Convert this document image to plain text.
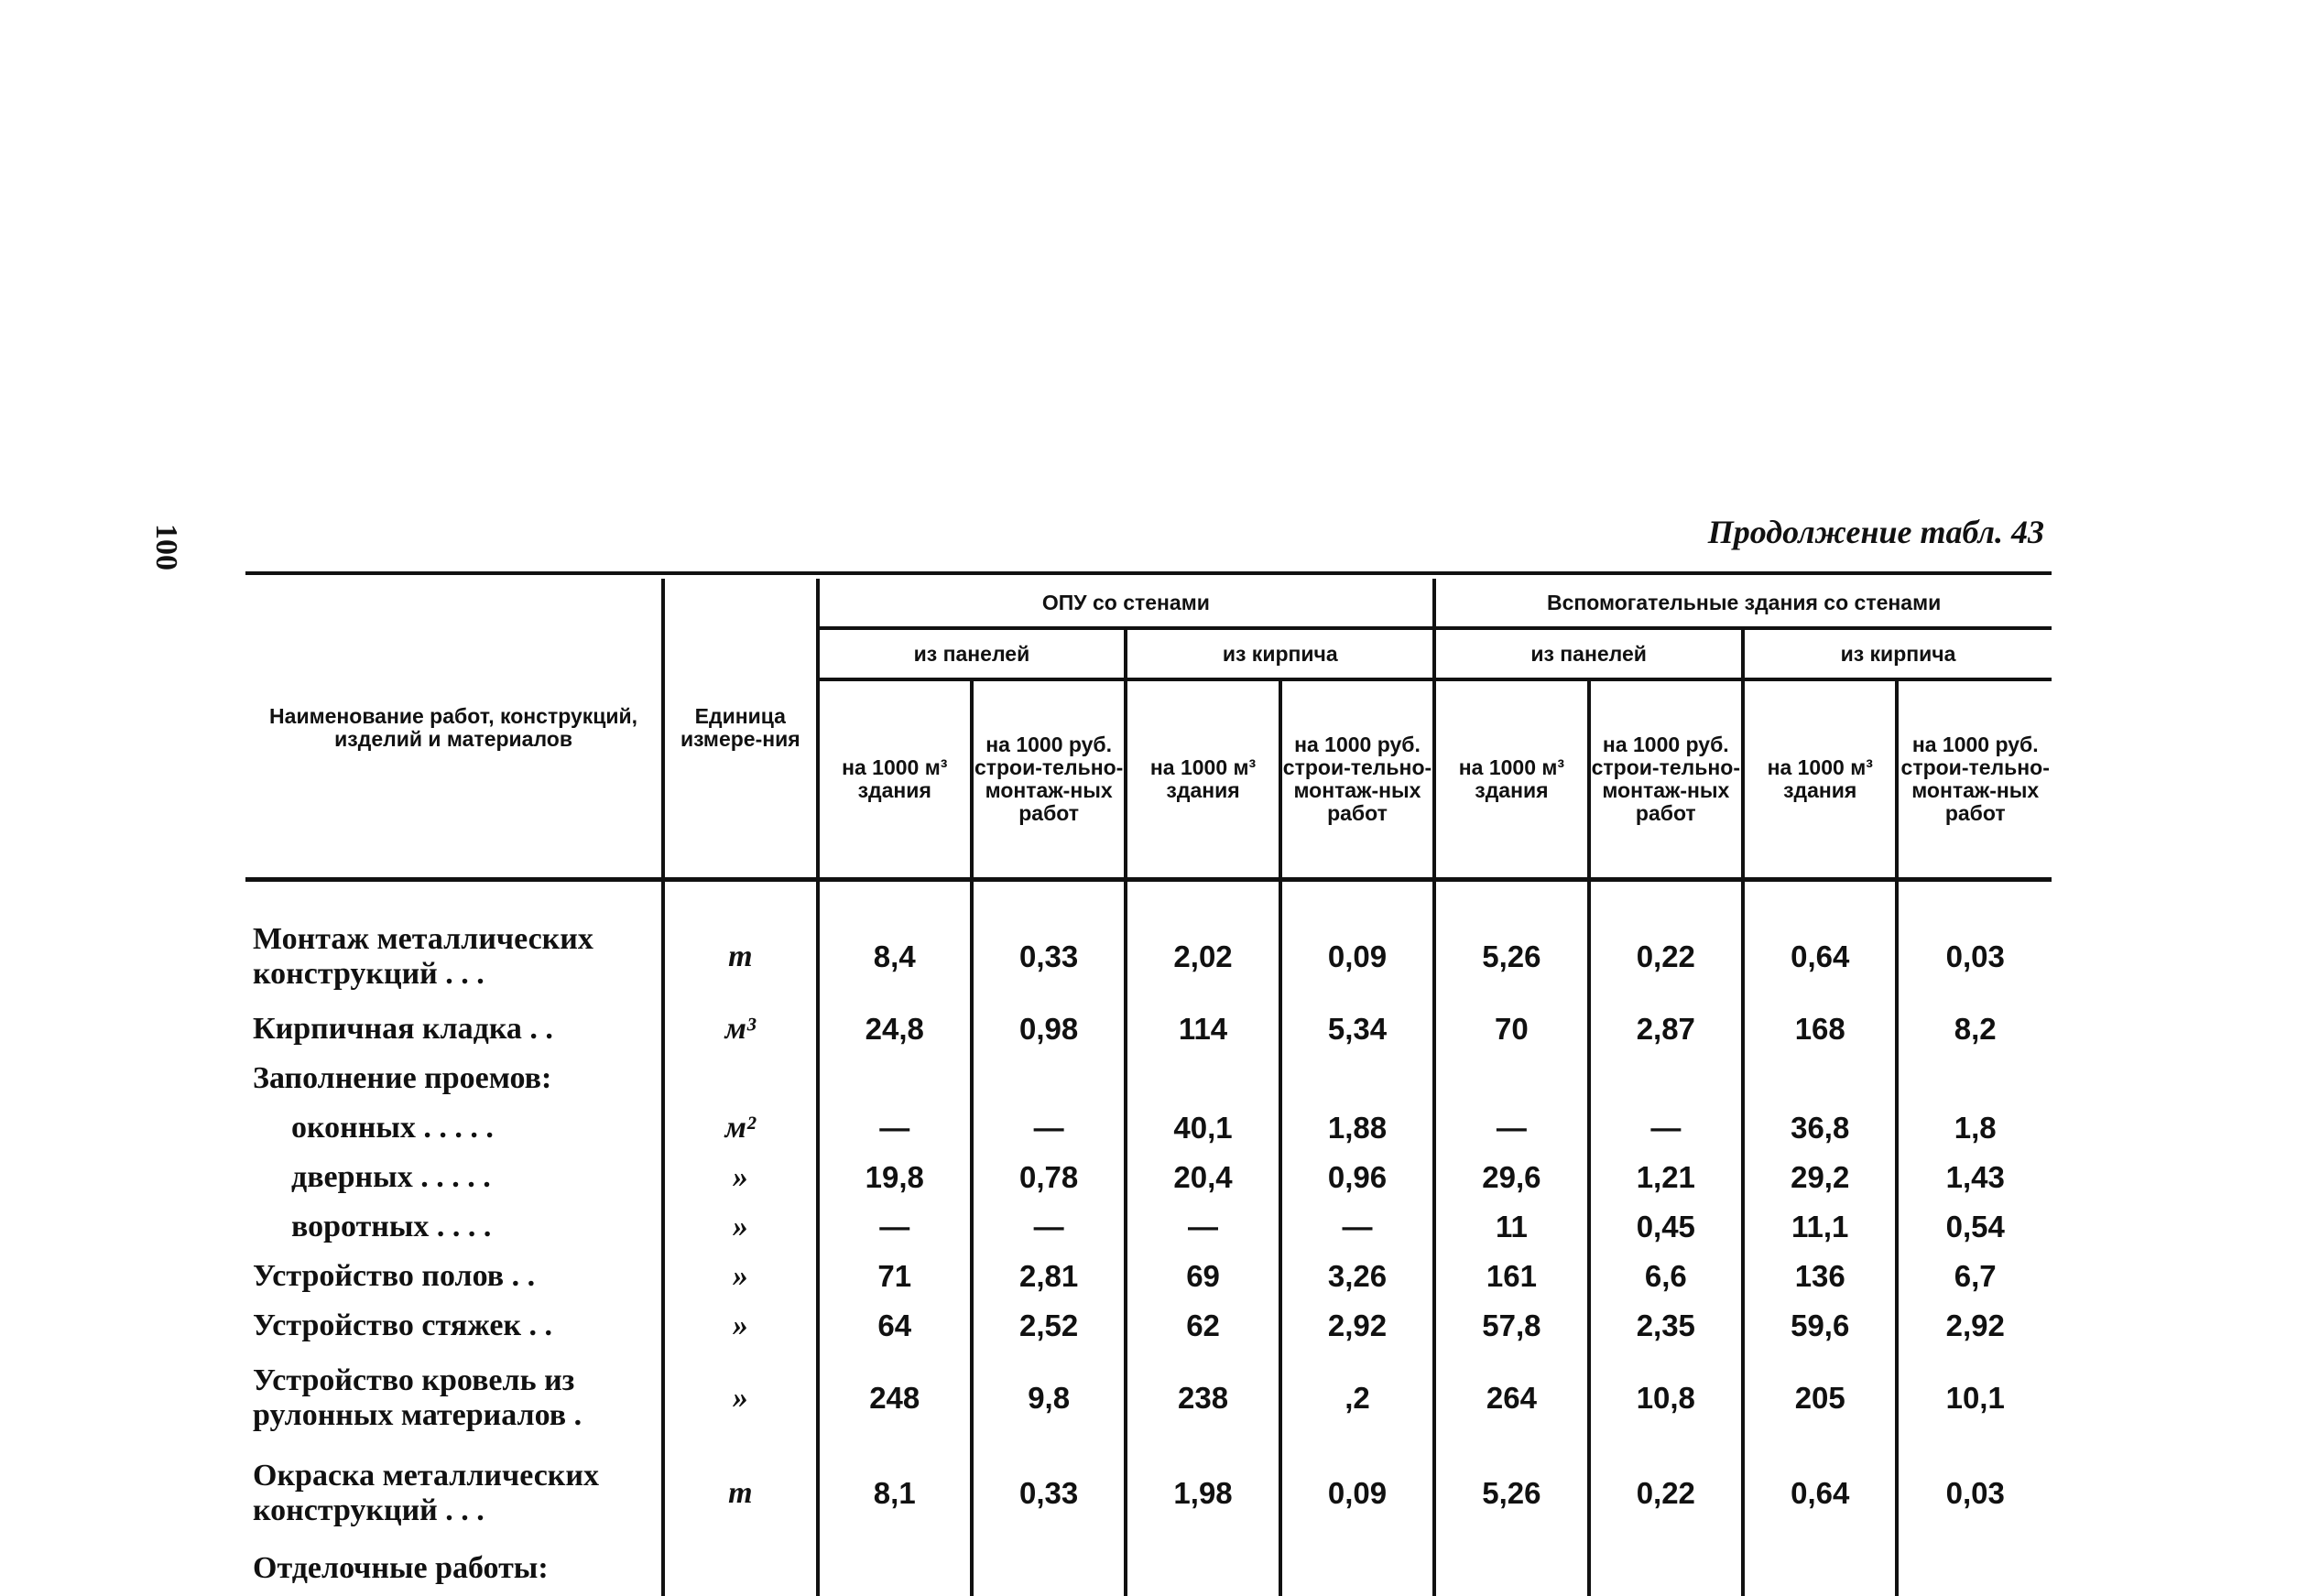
100	Продолжение табл. 43
Наименование работ, конструкций, изделий и материалов	Единица измере-ния	ОПУ со стенами				Вспомогательные здания со стенами			
		из панелей		из кирпича		из панелей		из кирпича	
		на 1000 м³ здания	на 1000 руб. строи-тельно-монтаж-ных работ	на 1000 м³ здания	на 1000 руб. строи-тельно-монтаж-ных работ	на 1000 м³ здания	на 1000 руб. строи-тельно-монтаж-ных работ	на 1000 м³ здания	на 1000 руб. строи-тельно-монтаж-ных работ
Монтаж металлических конструкций . . .	т	8,4	0,33	2,02	0,09	5,26	0,22	0,64	0,03
Кирпичная кладка . .	м³	24,8	0,98	114	5,34	70	2,87	168	8,2
Заполнение проемов:									
оконных . . . . .	м²	—	—	40,1	1,88	—	—	36,8	1,8
дверных . . . . .	»	19,8	0,78	20,4	0,96	29,6	1,21	29,2	1,43
воротных . . . .	»	—	—	—	—	11	0,45	11,1	0,54
Устройство полов . .	»	71	2,81	69	3,26	161	6,6	136	6,7
Устройство стяжек . .	»	64	2,52	62	2,92	57,8	2,35	59,6	2,92
Устройство кровель из рулонных материалов .	»	248	9,8	238	,2	264	10,8	205	10,1
Окраска металлических конструкций . . .	т	8,1	0,33	1,98	0,09	5,26	0,22	0,64	0,03
Отделочные работы:									
